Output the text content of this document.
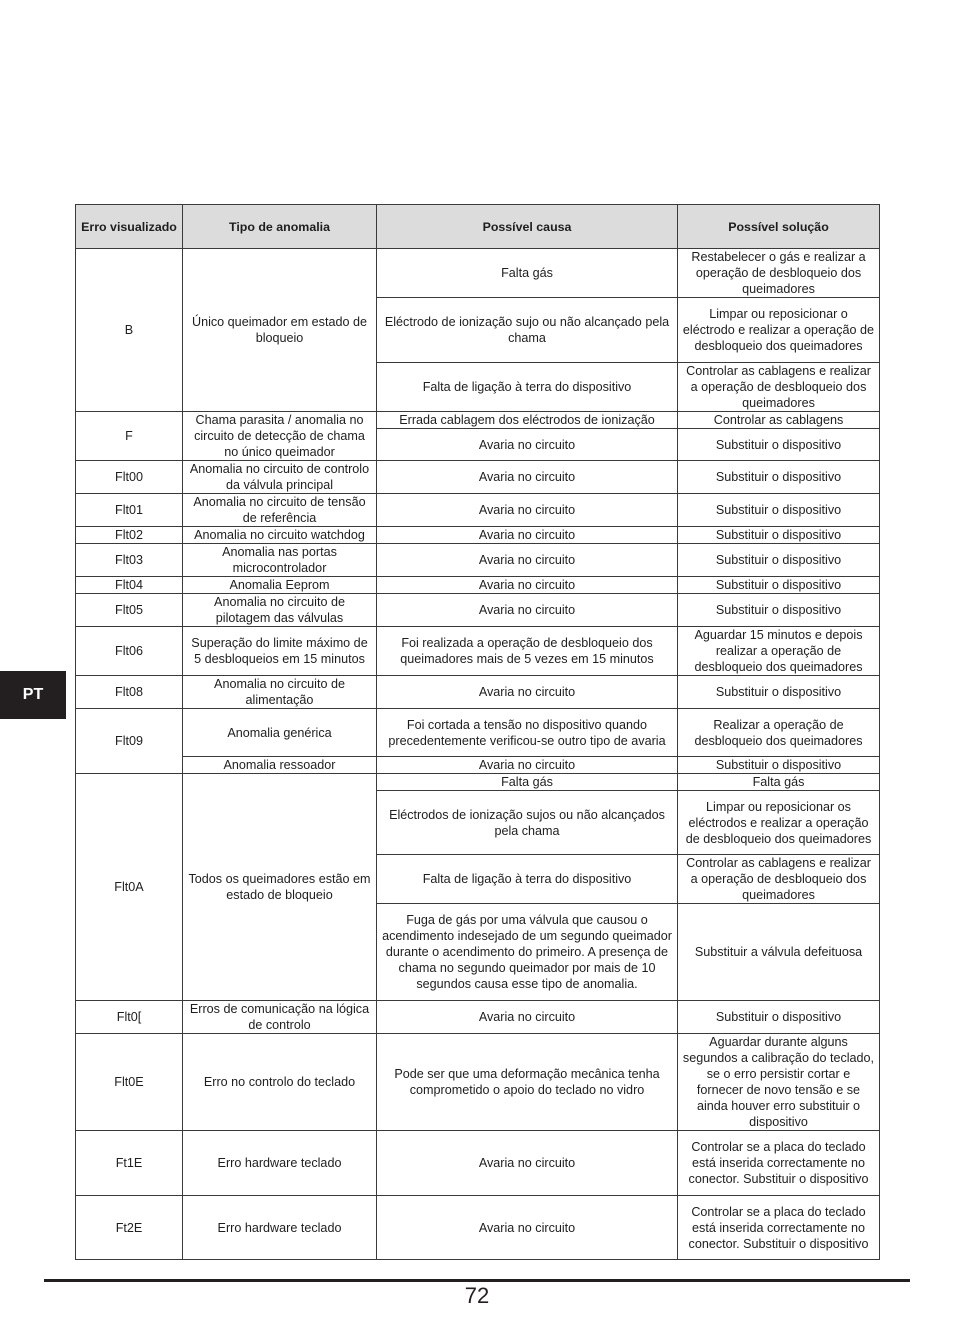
Erro visualizado	Tipo de anomalia	Possível causa	Possível solução
B	Único queimador em estado de bloqueio	Falta gás	Restabelecer o gás e realizar a operação de desbloqueio dos queimadores
		Eléctrodo de ionização sujo ou não alcançado pela chama	Limpar ou reposicionar o eléctrodo e realizar a operação de desbloqueio dos queimadores
		Falta de ligação à terra do dispositivo	Controlar as cablagens e realizar a operação de desbloqueio dos queimadores
F	Chama parasita / anomalia no circuito de detecção de chama no único queimador	Errada cablagem dos eléctrodos de ionização	Controlar as cablagens
		Avaria no circuito	Substituir o dispositivo
Flt00	Anomalia no circuito de controlo da válvula principal	Avaria no circuito	Substituir o dispositivo
Flt01	Anomalia no circuito de tensão de referência	Avaria no circuito	Substituir o dispositivo
Flt02	Anomalia no circuito watchdog	Avaria no circuito	Substituir o dispositivo
Flt03	Anomalia nas portas microcontrolador	Avaria no circuito	Substituir o dispositivo
Flt04	Anomalia Eeprom	Avaria no circuito	Substituir o dispositivo
Flt05	Anomalia no circuito de pilotagem das válvulas	Avaria no circuito	Substituir o dispositivo
Flt06	Superação do limite máximo de 5 desbloqueios em 15 minutos	Foi realizada a operação de desbloqueio dos queimadores mais de 5 vezes em 15 minutos	Aguardar 15 minutos e depois realizar a operação de desbloqueio dos queimadores
Flt08	Anomalia no circuito de alimentação	Avaria no circuito	Substituir o dispositivo
Flt09	Anomalia genérica	Foi cortada a tensão no dispositivo quando precedentemente verificou-se outro tipo de avaria	Realizar a operação de desbloqueio dos queimadores
	Anomalia ressoador	Avaria no circuito	Substituir o dispositivo
Flt0A	Todos os queimadores estão em estado de bloqueio	Falta gás	Falta gás
		Eléctrodos de ionização sujos ou não alcançados pela chama	Limpar ou reposicionar os eléctrodos e realizar a operação de desbloqueio dos queimadores
		Falta de ligação à terra do dispositivo	Controlar as cablagens e realizar a operação de desbloqueio dos queimadores
		Fuga de gás por uma válvula que causou o acendimento indesejado de um segundo queimador durante o acendimento do primeiro. A presença de chama no segundo queimador por mais de 10 segundos causa esse tipo de anomalia.	Substituir a válvula defeituosa
Flt0[	Erros de comunicação na lógica de controlo	Avaria no circuito	Substituir o dispositivo
Flt0E	Erro no controlo do teclado	Pode ser que uma deformação mecânica tenha comprometido o apoio do teclado no vidro	Aguardar durante alguns segundos a calibração do teclado, se o erro persistir cortar e fornecer de novo tensão e se ainda houver erro substituir o dispositivo
Ft1E	Erro hardware teclado	Avaria no circuito	Controlar se a placa do teclado está inserida correctamente no conector. Substituir o dispositivo
Ft2E	Erro hardware teclado	Avaria no circuito	Controlar se a placa do teclado está inserida correctamente no conector. Substituir o dispositivo
PT
72
